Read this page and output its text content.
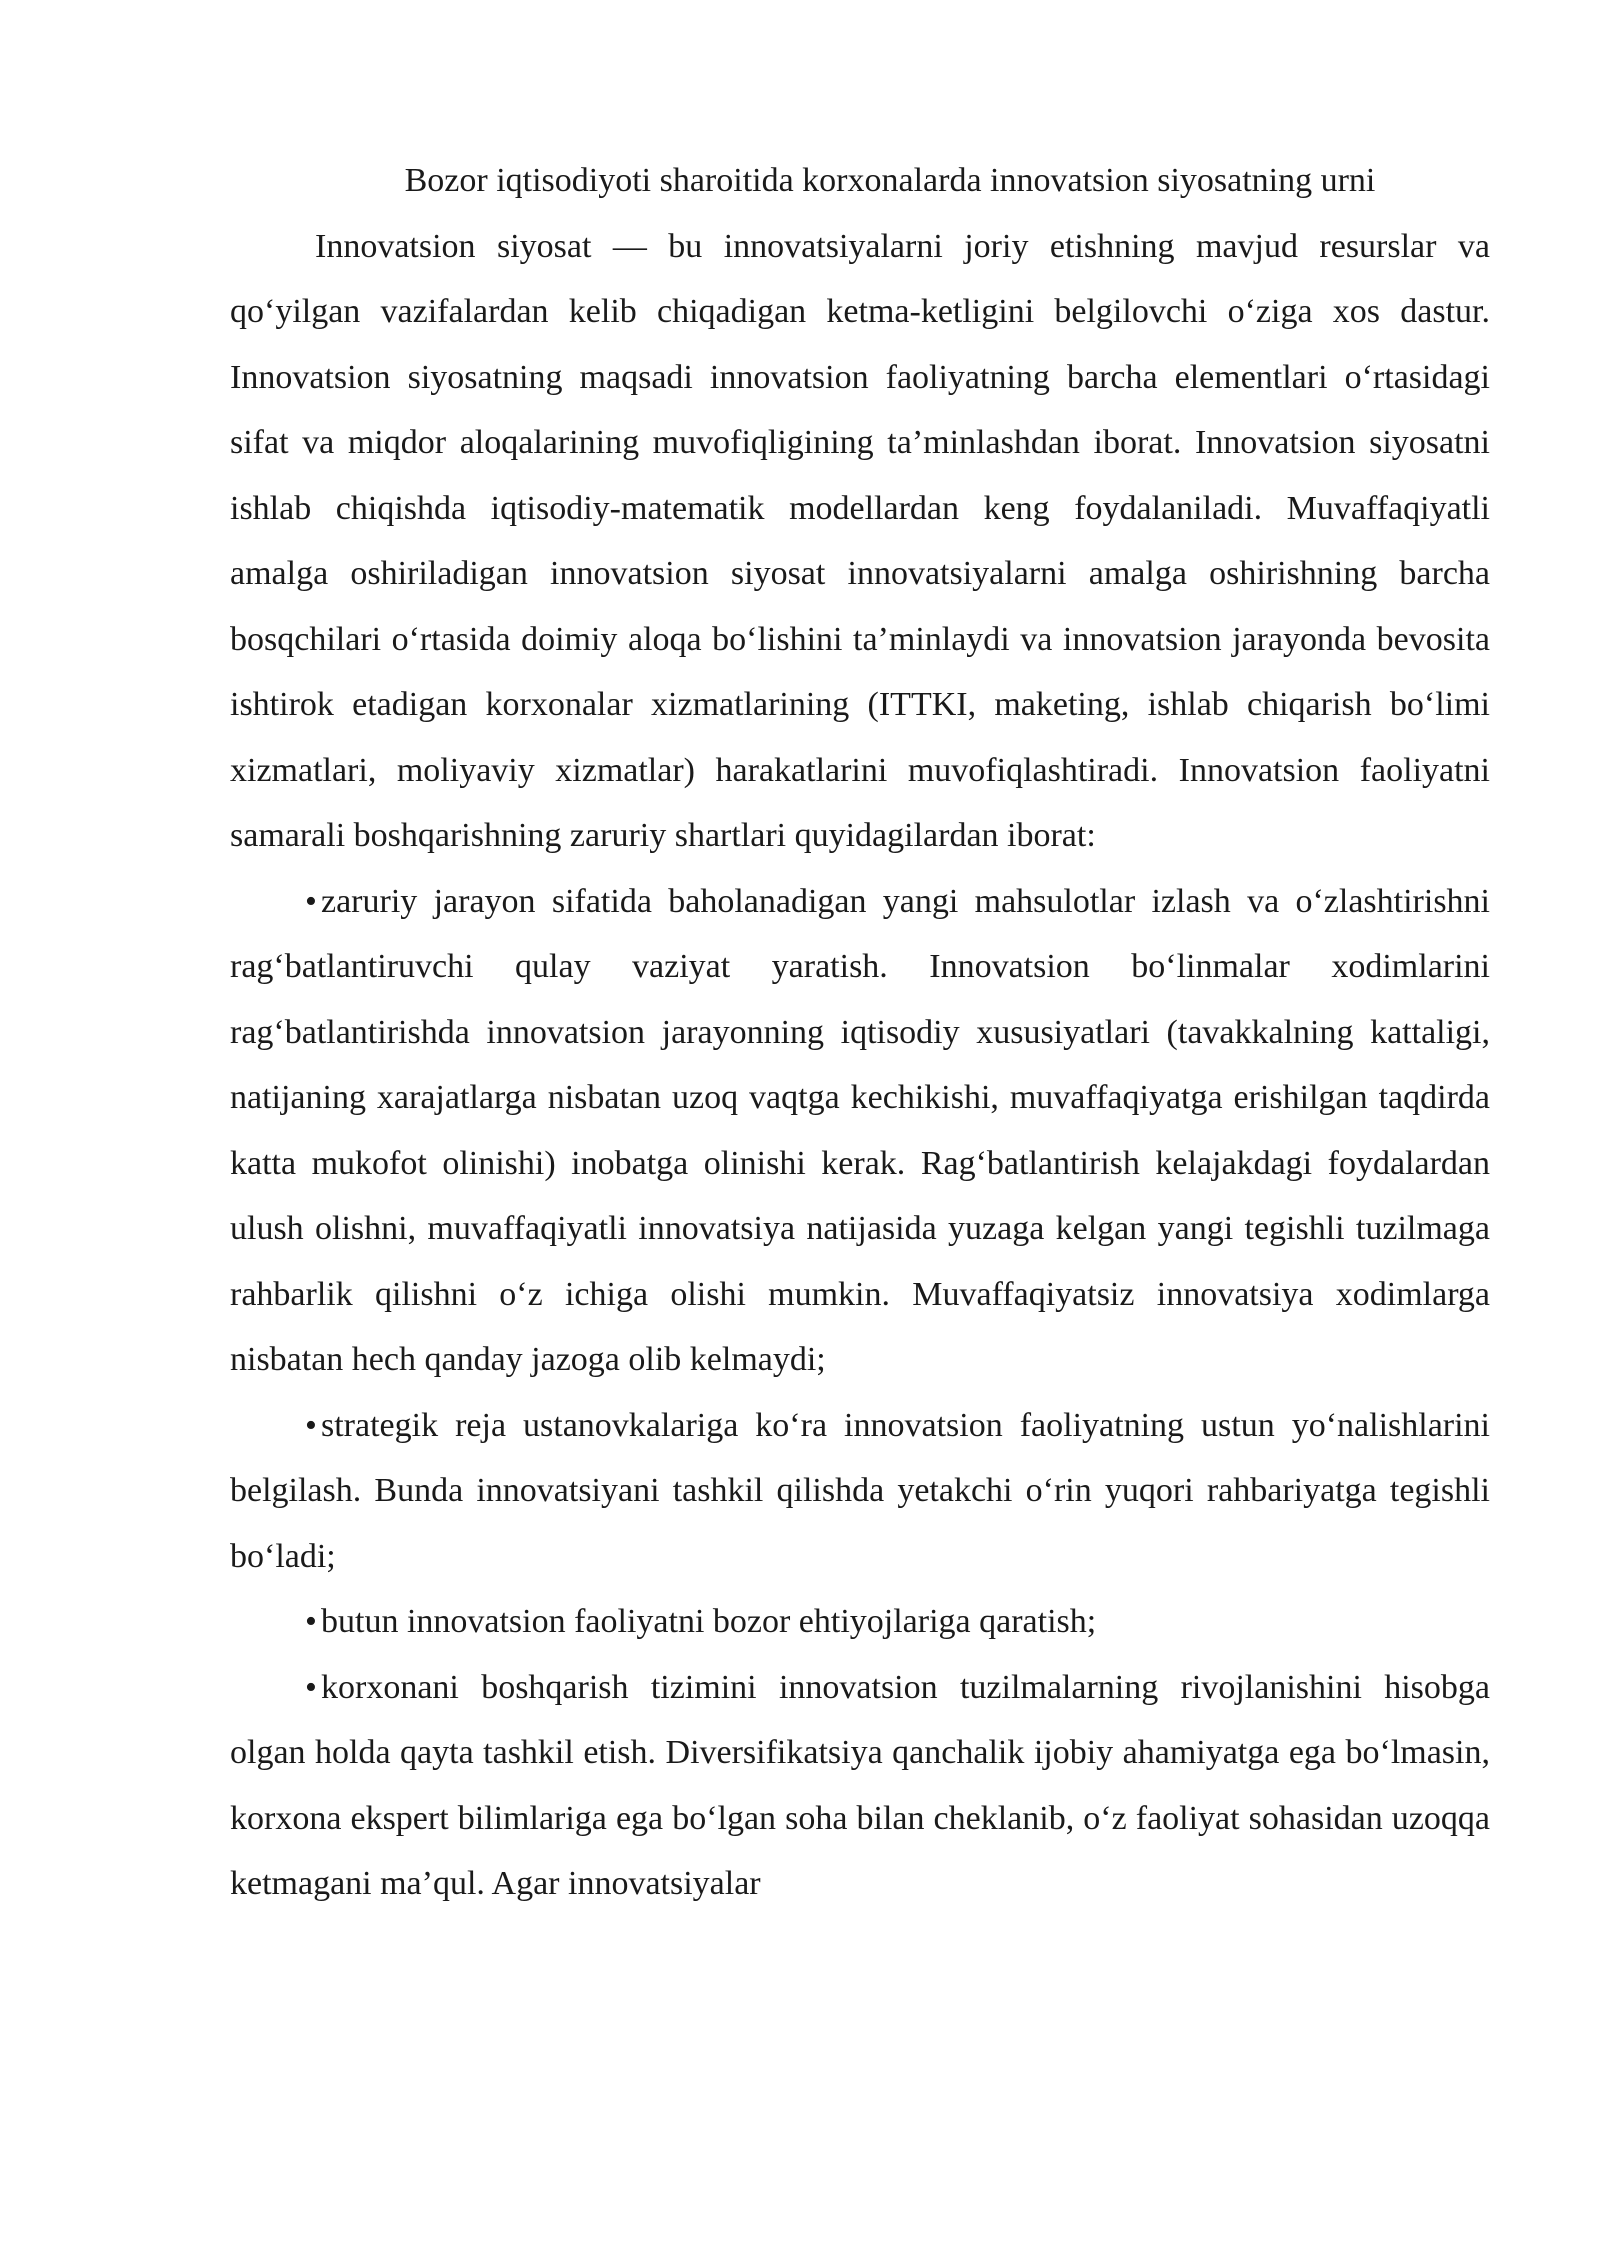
Bozor iqtisodiyoti sharoitida korxonalarda innovatsion siyosatning urni

Innovatsion siyosat — bu innovatsiyalarni joriy etishning mavjud resurslar va qo‘yilgan vazifalardan kelib chiqadigan ketma-ketligini belgilovchi o‘ziga xos dastur. Innovatsion siyosatning maqsadi innovatsion faoliyatning barcha elementlari o‘rtasidagi sifat va miqdor aloqalarining muvofiqligining ta’minlashdan iborat. Innovatsion siyosatni ishlab chiqishda iqtisodiy-matematik modellardan keng foydalaniladi. Muvaffaqiyatli amalga oshiriladigan innovatsion siyosat innovatsiyalarni amalga oshirishning barcha bosqchilari o‘rtasida doimiy aloqa bo‘lishini ta’minlaydi va innovatsion jarayonda bevosita ishtirok etadigan korxonalar xizmatlarining (ITTKI, maketing, ishlab chiqarish bo‘limi xizmatlari, moliyaviy xizmatlar) harakatlarini muvofiqlashtiradi. Innovatsion faoliyatni samarali boshqarishning zaruriy shartlari quyidagilardan iborat:

• zaruriy jarayon sifatida baholanadigan yangi mahsulotlar izlash va o‘zlashtirishni rag‘batlantiruvchi qulay vaziyat yaratish. Innovatsion bo‘linmalar xodimlarini rag‘batlantirishda innovatsion jarayonning iqtisodiy xususiyatlari (tavakkalning kattaligi, natijaning xarajatlarga nisbatan uzoq vaqtga kechikishi, muvaffaqiyatga erishilgan taqdirda katta mukofot olinishi) inobatga olinishi kerak. Rag‘batlantirish kelajakdagi foydalardan ulush olishni, muvaffaqiyatli innovatsiya natijasida yuzaga kelgan yangi tegishli tuzilmaga rahbarlik qilishni o‘z ichiga olishi mumkin. Muvaffaqiyatsiz innovatsiya xodimlarga nisbatan hech qanday jazoga olib kelmaydi;

• strategik reja ustanovkalariga ko‘ra innovatsion faoliyatning ustun yo‘nalishlarini belgilash. Bunda innovatsiyani tashkil qilishda yetakchi o‘rin yuqori rahbariyatga tegishli bo‘ladi;

• butun innovatsion faoliyatni bozor ehtiyojlariga qaratish;

• korxonani boshqarish tizimini innovatsion tuzilmalarning rivojlanishini hisobga olgan holda qayta tashkil etish. Diversifikatsiya qanchalik ijobiy ahamiyatga ega bo‘lmasin, korxona ekspert bilimlariga ega bo‘lgan soha bilan cheklanib, o‘z faoliyat sohasidan uzoqqa ketmagani ma’qul. Agar innovatsiyalar
